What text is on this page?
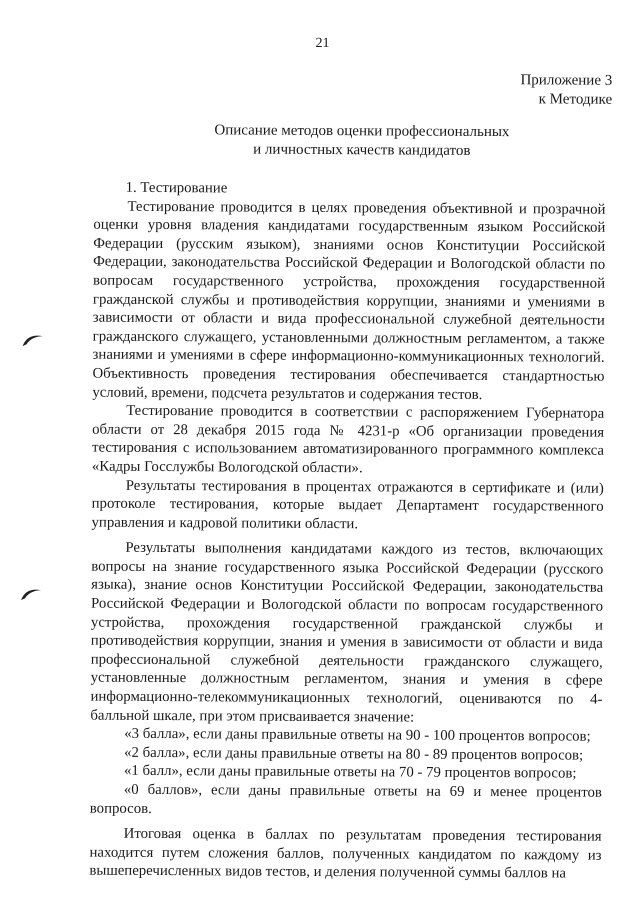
21
Приложение 3
к Методике
Описание методов оценки профессиональных
и личностных качеств кандидатов

1. Тестирование

Тестирование проводится в целях проведения объективной и прозрачной оценки уровня владения кандидатами государственным языком Российской Федерации (русским языком), знаниями основ Конституции Российской Федерации, законодательства Российской Федерации и Вологодской области по вопросам государственного устройства, прохождения государственной гражданской службы и противодействия коррупции, знаниями и умениями в зависимости от области и вида профессиональной служебной деятельности гражданского служащего, установленными должностным регламентом, а также знаниями и умениями в сфере информационно-коммуникационных технологий. Объективность проведения тестирования обеспечивается стандартностью условий, времени, подсчета результатов и содержания тестов.

Тестирование проводится в соответствии с распоряжением Губернатора области от 28 декабря 2015 года № 4231-р «Об организации проведения тестирования с использованием автоматизированного программного комплекса «Кадры Госслужбы Вологодской области».

Результаты тестирования в процентах отражаются в сертификате и (или) протоколе тестирования, которые выдает Департамент государственного управления и кадровой политики области.

Результаты выполнения кандидатами каждого из тестов, включающих вопросы на знание государственного языка Российской Федерации (русского языка), знание основ Конституции Российской Федерации, законодательства Российской Федерации и Вологодской области по вопросам государственного устройства, прохождения государственной гражданской службы и противодействия коррупции, знания и умения в зависимости от области и вида профессиональной служебной деятельности гражданского служащего, установленные должностным регламентом, знания и умения в сфере информационно-телекоммуникационных технологий, оцениваются по 4-балльной шкале, при этом присваивается значение:

«3 балла», если даны правильные ответы на 90 - 100 процентов вопросов;

«2 балла», если даны правильные ответы на 80 - 89 процентов вопросов;

«1 балл», если даны правильные ответы на 70 - 79 процентов вопросов;

«0 баллов», если даны правильные ответы на 69 и менее процентов вопросов.

Итоговая оценка в баллах по результатам проведения тестирования находится путем сложения баллов, полученных кандидатом по каждому из вышеперечисленных видов тестов, и деления полученной суммы баллов на
